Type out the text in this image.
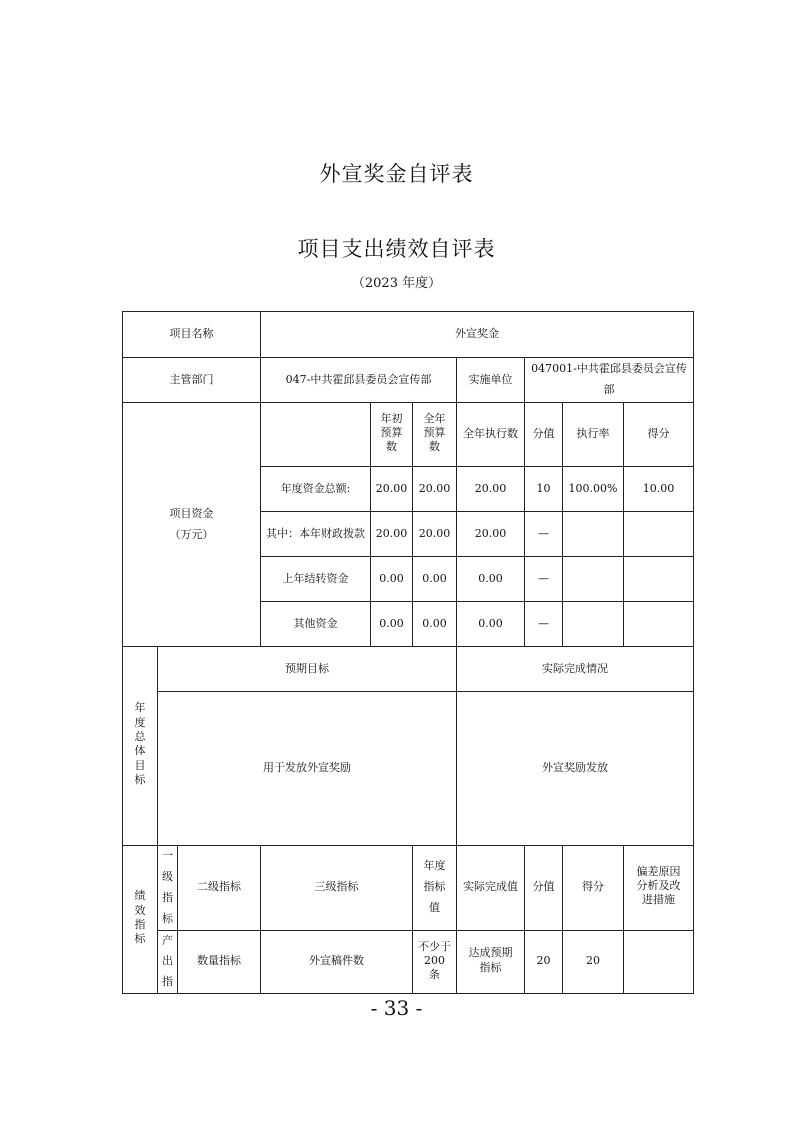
外宣奖金自评表
项目支出绩效自评表
（2023 年度）
项目名称			外宣奖金						
主管部门			047-中共霍邱县委员会宣传部			实施单位	047001-中共霍邱县委员会宣传部		

项目资金
（万元）				年初预算数	全年预算数	全年执行数	分值	执行率	得分
			年度资金总额:	20.00	20.00	20.00	10	100.00%	10.00
			其中：本年财政拨款	20.00	20.00	20.00	—		
			上年结转资金	0.00	0.00	0.00	—		
			其他资金	0.00	0.00	0.00	—		
年度总体目标	预期目标					实际完成情况			
	用于发放外宣奖励					外宣奖励发放			
绩效指标	一级指标	二级指标	三级指标		年度指标值	实际完成值	分值	得分	偏差原因分析及改进措施
	产出指	数量指标	外宣稿件数		不少于 200 条	达成预期指标	20	20	
- 33 -
